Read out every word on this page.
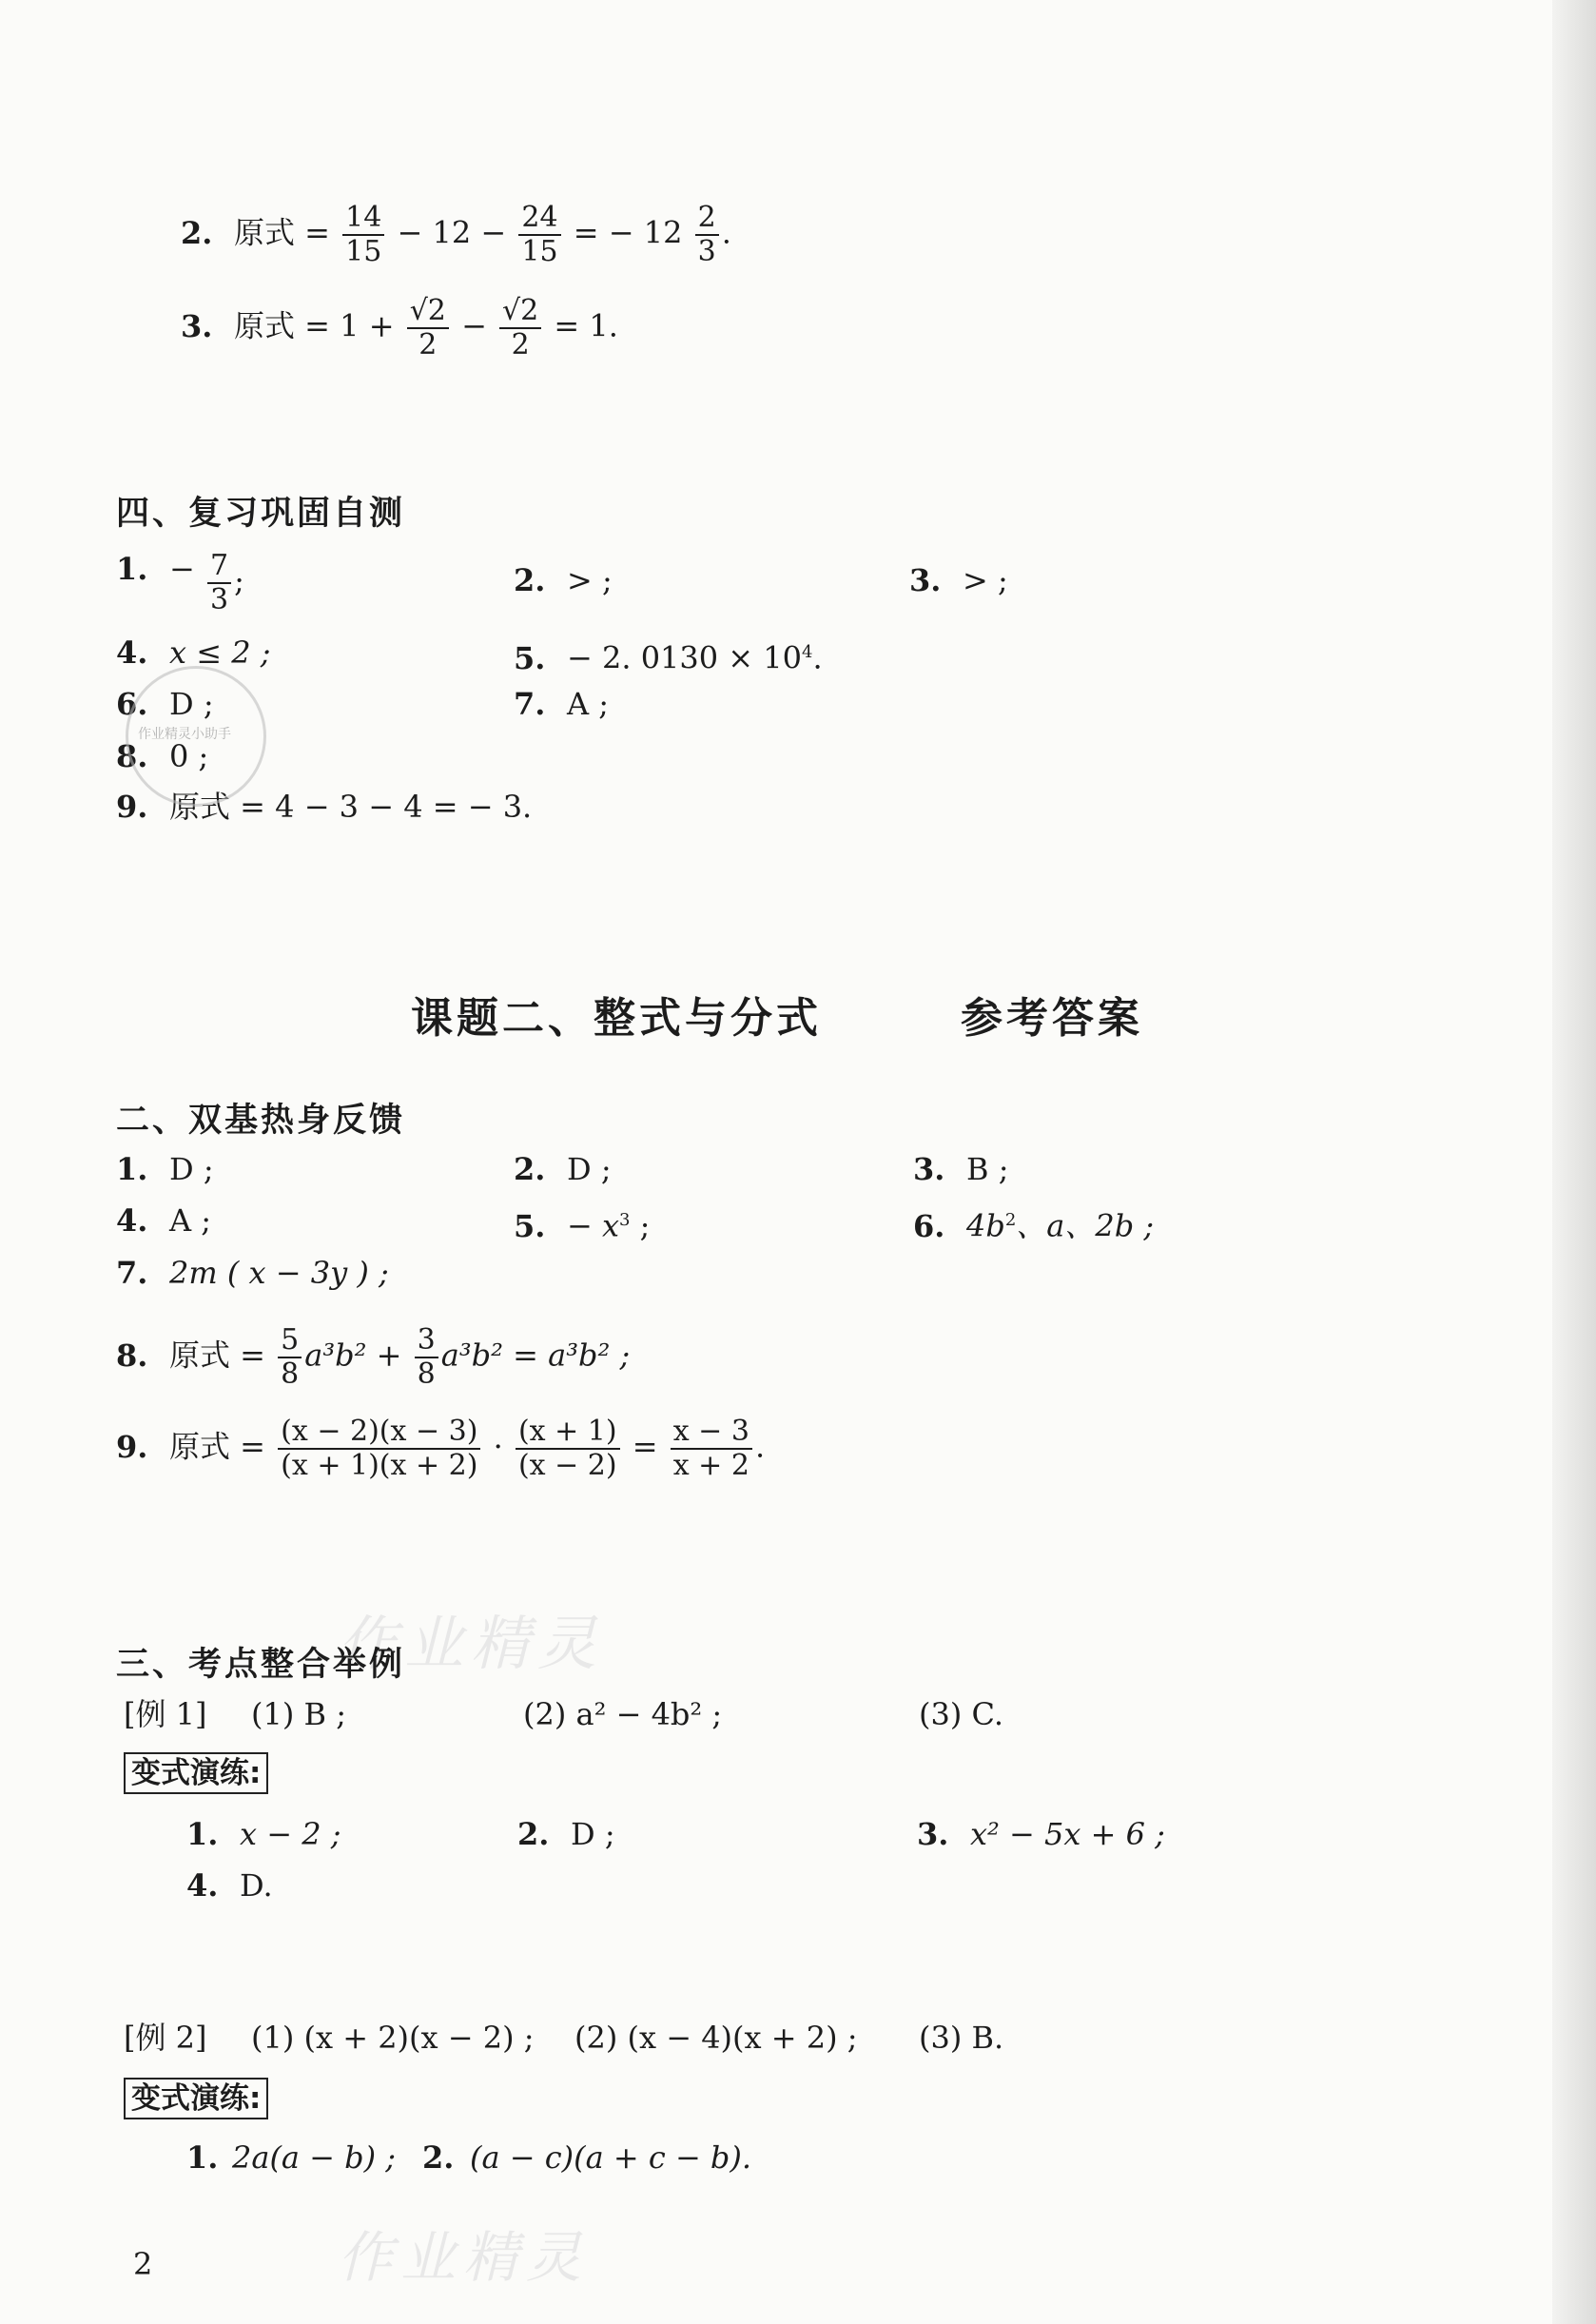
2. 原式 = $\frac{14}{15} - 12 - \frac{24}{15}$ = − $12 \frac{2}{3}$ .
3. 原式 = $1 + \frac{√2}{2} - \frac{√2}{2} = 1$.
四、复习巩固自测
1. −
$\frac{7}{3}$ ;	2. > ;	3. > ;
4. x ≤ 2 ;	5. − 2. $0130 \times 10^4$.
6. D ;	7. A ;
8. 0 ;
9. 原式 = 4 − 3 − 4 = − 3.
作业精灵小助手
课题二、整式与分式	参考答案
二、双基热身反馈
1. D ;	2. D ;	3. B ;
4. A ;	5. − $x^3$ ;	6. $4b^2$、a、2b ;
7. 2m ( x − 3y ) ;
8. 原式 = $\frac{5}{8} a^3b^2 + \frac{3}{8} a^3b^2 = a^3b^2$ ;
9. 原式 = $\frac{(x - 2)(x - 3)}{(x + 1)(x + 2)} \cdot \frac{(x + 1)}{(x - 2)} = \frac{x - 3}{x + 2}$ .
作业精灵
三、考点整合举例
[例 1] (1) B ;	(2) a² − 4b² ;	(3) C.
变式演练:
1. x − 2 ;	2. D ;	3. x² − 5x + 6 ;
4. D.
[例 2] (1) (x + 2)(x − 2) ; (2) (x − 4)(x + 2) ; (3) B.
变式演练:
1. 2a(a − b) ; 2. (a − c)(a + c − b).
2	作业精灵
